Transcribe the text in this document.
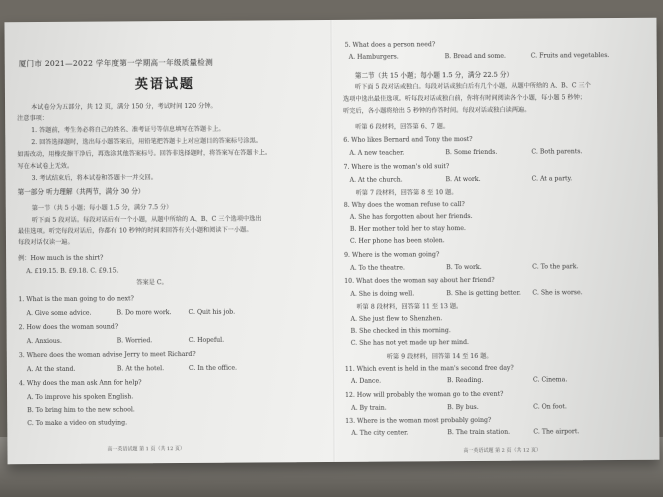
厦门市 2021—2022 学年度第一学期高一年级质量检测
英语试题
本试卷分为五部分，共 12 页，满分 150 分，考试时间 120 分钟。
注意事项：
1. 答题前，考生务必将自己的姓名、准考证号等信息填写在答题卡上。
2. 回答选择题时，选出每小题答案后，用铅笔把答题卡上对应题目的答案标号涂黑。
如需改动，用橡皮擦干净后，再选涂其他答案标号。回答非选择题时，将答案写在答题卡上。
写在本试卷上无效。
3. 考试结束后，将本试卷和答题卡一并交回。
第一部分 听力理解（共两节，满分 30 分）
第一节（共 5 小题；每小题 1.5 分，满分 7.5 分）
听下面 5 段对话。每段对话后有一个小题，从题中所给的 A、B、C 三个选项中选出
最佳选项。听完每段对话后，你都有 10 秒钟的时间来回答有关小题和阅读下一小题。
每段对话仅读一遍。
例：How much is the shirt?
A. £19.15. B. £9.18. C. £9.15.
答案是 C。
1. What is the man going to do next?
A. Give some advice.	B. Do more work.	C. Quit his job.
2. How does the woman sound?
A. Anxious.	B. Worried.	C. Hopeful.
3. Where does the woman advise Jerry to meet Richard?
A. At the stand.	B. At the hotel.	C. In the office.
4. Why does the man ask Ann for help?
A. To improve his spoken English.
B. To bring him to the new school.
C. To make a video on studying.
高一英语试题 第 1 页（共 12 页）
5. What does a person need?
A. Hamburgers.	B. Bread and some.	C. Fruits and vegetables.
第二节（共 15 小题；每小题 1.5 分，满分 22.5 分）
听下面 5 段对话或独白。每段对话或独白后有几个小题，从题中所给的 A、B、C 三个
选项中选出最佳选项。听每段对话或独白前，你将有时间阅读各个小题，每小题 5 秒钟；
听完后，各小题将给出 5 秒钟的作答时间。每段对话或独白读两遍。
听第 6 段材料，回答第 6、7 题。
6. Who likes Bernard and Tony the most?
A. A new teacher.	B. Some friends.	C. Both parents.
7. Where is the woman's old suit?
A. At the church.	B. At work.	C. At a party.
听第 7 段材料，回答第 8 至 10 题。
8. Why does the woman refuse to call?
A. She has forgotten about her friends.
B. Her mother told her to stay home.
C. Her phone has been stolen.
9. Where is the woman going?
A. To the theatre.	B. To work.	C. To the park.
10. What does the woman say about her friend?
A. She is doing well.	B. She is getting better. C. She is worse.
听第 8 段材料，回答第 11 至 13 题。
A. She just flew to Shenzhen.
B. She checked in this morning.
C. She has not yet made up her mind.
听第 9 段材料，回答第 14 至 16 题。
11. Which event is held in the man's second free day?
A. Dance.	B. Reading.	C. Cinema.
12. How will probably the woman go to the event?
A. By train.	B. By bus.	C. On foot.
13. Where is the woman most probably going?
A. The city center.	B. The train station.	C. The airport.
高一英语试题 第 2 页（共 12 页）
